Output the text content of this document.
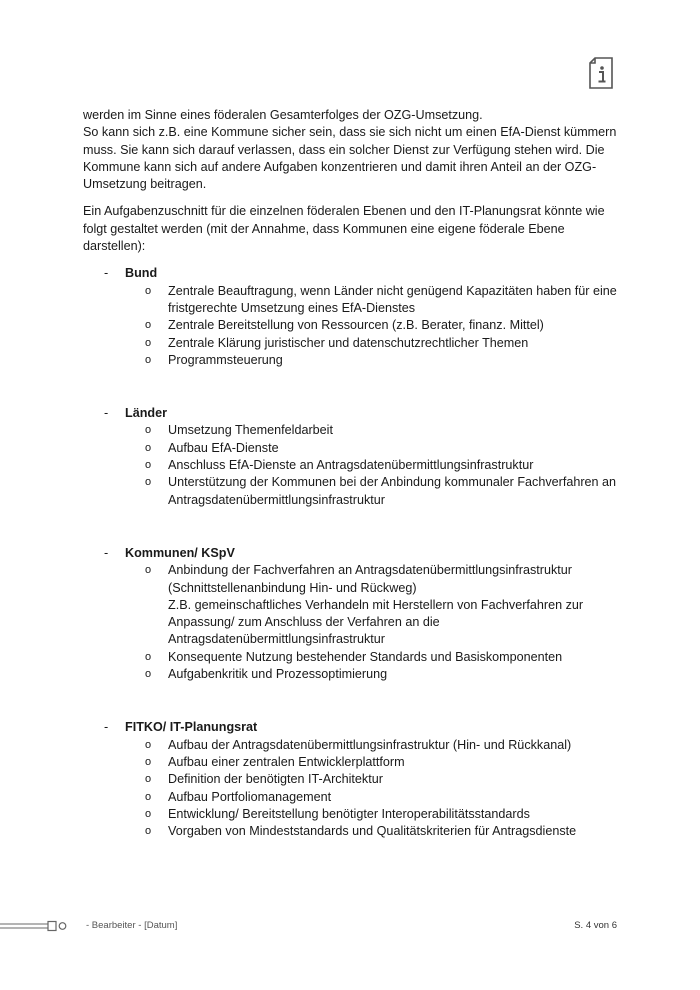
werden im Sinne eines föderalen Gesamterfolges der OZG-Umsetzung.
So kann sich z.B. eine Kommune sicher sein, dass sie sich nicht um einen EfA-Dienst kümmern muss. Sie kann sich darauf verlassen, dass ein solcher Dienst zur Verfügung stehen wird. Die Kommune kann sich auf andere Aufgaben konzentrieren und damit ihren Anteil an der OZG-Umsetzung beitragen.

Ein Aufgabenzuschnitt für die einzelnen föderalen Ebenen und den IT-Planungsrat könnte wie folgt gestaltet werden (mit der Annahme, dass Kommunen eine eigene föderale Ebene darstellen):

-	Bund
o Zentrale Beauftragung, wenn Länder nicht genügend Kapazitäten haben für eine fristgerechte Umsetzung eines EfA-Dienstes
o Zentrale Bereitstellung von Ressourcen (z.B. Berater, finanz. Mittel)
o Zentrale Klärung juristischer und datenschutzrechtlicher Themen
o Programmsteuerung
-	Länder
o Umsetzung Themenfeldarbeit
o Aufbau EfA-Dienste
o Anschluss EfA-Dienste an Antragsdatenübermittlungsinfrastruktur
o Unterstützung der Kommunen bei der Anbindung kommunaler Fachverfahren an Antragsdatenübermittlungsinfrastruktur
-	Kommunen/ KSpV
o Anbindung der Fachverfahren an Antragsdatenübermittlungsinfrastruktur (Schnittstellenanbindung Hin- und Rückweg)
Z.B. gemeinschaftliches Verhandeln mit Herstellern von Fachverfahren zur Anpassung/ zum Anschluss der Verfahren an die Antragsdatenübermittlungsinfrastruktur
o Konsequente Nutzung bestehender Standards und Basiskomponenten
o Aufgabenkritik und Prozessoptimierung
-	FITKO/ IT-Planungsrat
o Aufbau der Antragsdatenübermittlungsinfrastruktur (Hin- und Rückkanal)
o Aufbau einer zentralen Entwicklerplattform
o Definition der benötigten IT-Architektur
o Aufbau Portfoliomanagement
o Entwicklung/ Bereitstellung benötigter Interoperabilitätsstandards
o Vorgaben von Mindeststandards und Qualitätskriterien für Antragsdienste
- Bearbeiter - [Datum]	S. 4 von 6
